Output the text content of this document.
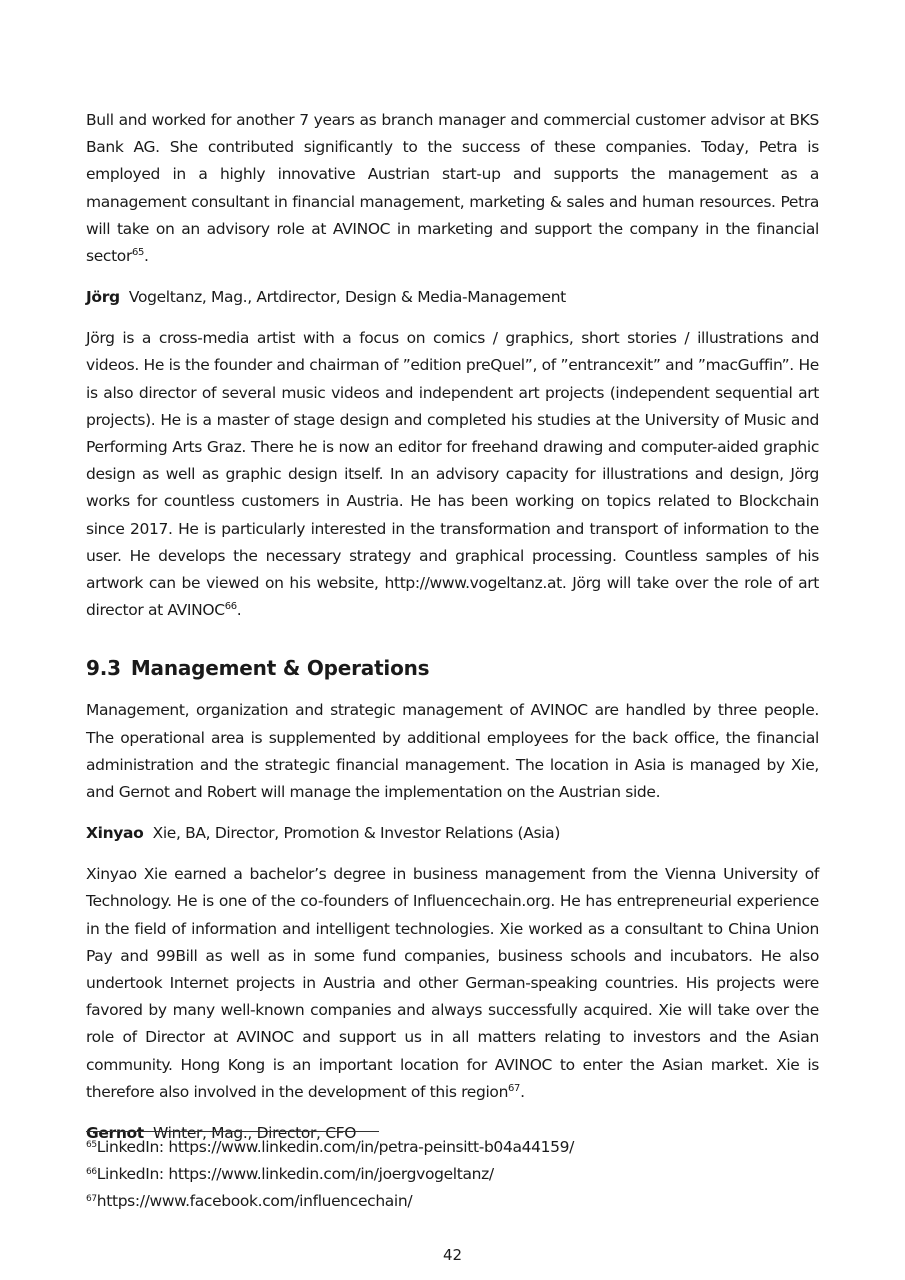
Bull and worked for another 7 years as branch manager and commercial customer advisor at BKS Bank AG. She contributed significantly to the success of these companies. Today, Petra is employed in a highly innovative Austrian start-up and supports the management as a management consultant in financial management, marketing & sales and human resources. Petra will take on an advisory role at AVINOC in marketing and support the company in the financial sector$^{65}$.

Jörg Vogeltanz, Mag., Artdirector, Design & Media-Management

Jörg is a cross-media artist with a focus on comics / graphics, short stories / illustrations and videos. He is the founder and chairman of ”edition preQuel”, of ”entrancexit” and ”macGuffin”. He is also director of several music videos and independent art projects (independent sequential art projects). He is a master of stage design and completed his studies at the University of Music and Performing Arts Graz. There he is now an editor for freehand drawing and computer-aided graphic design as well as graphic design itself. In an advisory capacity for illustrations and design, Jörg works for countless customers in Austria. He has been working on topics related to Blockchain since 2017. He is particularly interested in the transformation and transport of information to the user. He develops the necessary strategy and graphical processing. Countless samples of his artwork can be viewed on his website, http://www.vogeltanz.at. Jörg will take over the role of art director at AVINOC$^{66}$.

9.3 Management & Operations

Management, organization and strategic management of AVINOC are handled by three people. The operational area is supplemented by additional employees for the back office, the financial administration and the strategic financial management. The location in Asia is managed by Xie, and Gernot and Robert will manage the implementation on the Austrian side.

Xinyao Xie, BA, Director, Promotion & Investor Relations (Asia)

Xinyao Xie earned a bachelor’s degree in business management from the Vienna University of Technology. He is one of the co-founders of Influencechain.org. He has entrepreneurial experience in the field of information and intelligent technologies. Xie worked as a consultant to China Union Pay and 99Bill as well as in some fund companies, business schools and incubators. He also undertook Internet projects in Austria and other German-speaking countries. His projects were favored by many well-known companies and always successfully acquired. Xie will take over the role of Director at AVINOC and support us in all matters relating to investors and the Asian community. Hong Kong is an important location for AVINOC to enter the Asian market. Xie is therefore also involved in the development of this region$^{67}$.

Gernot Winter, Mag., Director, CFO

$^{65}$LinkedIn: https://www.linkedin.com/in/petra-peinsitt-b04a44159/

$^{66}$LinkedIn: https://www.linkedin.com/in/joergvogeltanz/

$^{67}$https://www.facebook.com/influencechain/

42
